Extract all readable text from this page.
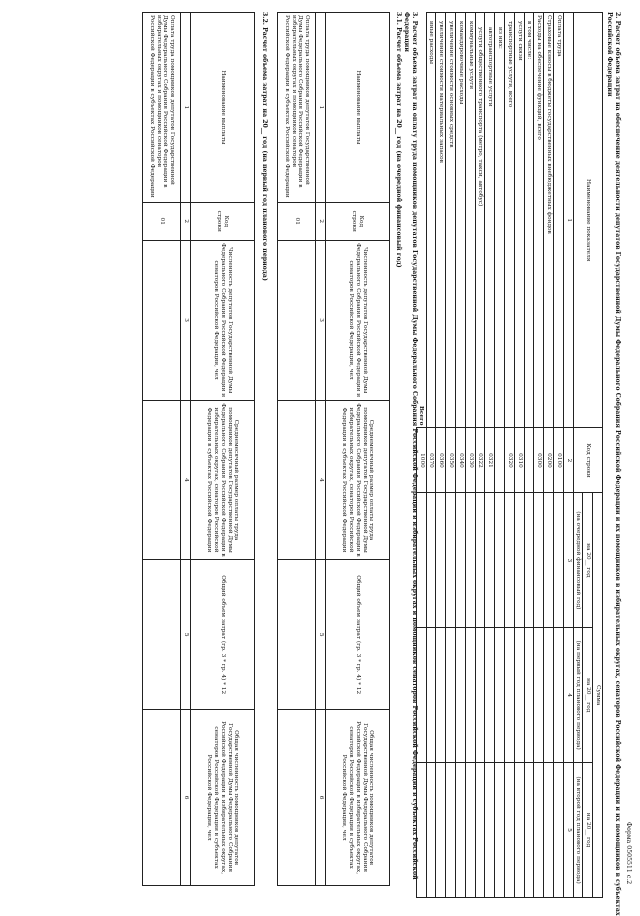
Форма 0505511 с.2
2. Расчет объема затрат на обеспечение деятельности депутатов Государственной Думы Федерального Собрания Российской Федерации и их помощников в избирательных округах, сенаторов Российской Федерации и их помощников в субъектах
Российской Федерации
Наименование показателя	Код строки	Сумма		
		на 20__ год	на 20__ год	на 20__ год
		(на очередной финансовый год)	(на первый год планового периода)	(на второй год планового периода)
1	2	3	4	5
Оплата труда	0100			
Страховые взносы в бюджеты государственных внебюджетных фондов	0200			
Расходы на обеспечение функций, всего	0300			
в том числе:				
услуги связи	0310			
транспортные услуги, всего	0320			
из них:				
автотранспортные услуги	0321			
услуги общественного транспорта (метро, такси, автобус)	0322			
коммунальные услуги	0330			
командировочные расходы	0340			
увеличение стоимости основных средств	0350			
увеличение стоимости материальных запасов	0360			
иные расходы	0370			
Всего	1000			
3. Расчет объема затрат на оплату труда помощников депутатов Государственной Думы Федерального Собрания Российской Федерации в избирательных округах и помощников сенаторов Российской Федерации в субъектах Российской
Федерации
3.1. Расчет объема затрат на 20__ год (на очередной финансовый год)
Наименование выплаты	Код строки	Численность депутатов Государственной Думы Федерального Собрания Российской Федерации и сенаторов Российской Федерации, чел	Среднемесячный размер оплаты труда помощников депутатов Государственной Думы Федерального Собрания Российской Федерации в избирательных округах, сенаторов Российской Федерации в субъектах Российской Федерации	Общий объем затрат (гр. 3 * гр. 4) * 12	Общая численность помощников депутатов Государственной Думы Федерального Собрания Российской Федерации в избирательных округах, сенаторов Российской Федерации в субъектах Российской Федерации, чел
1	2	3	4	5	6
Оплата труда помощников депутатов Государственной Думы Федерального Собрания Российской Федерации в избирательных округах и помощников сенаторов Российской Федерации в субъектах Российской Федерации	01				
3.2. Расчет объема затрат на 20__ год (на первый год планового периода)
Наименование выплаты	Код строки	Численность депутатов Государственной Думы Федерального Собрания Российской Федерации и сенаторов Российской Федерации, чел	Среднемесячный размер оплаты труда помощников депутатов Государственной Думы Федерального Собрания Российской Федерации в избирательных округах, сенаторов Российской Федерации в субъектах Российской Федерации	Общий объем затрат (гр. 3 * гр. 4) * 12	Общая численность помощников депутатов Государственной Думы Федерального Собрания Российской Федерации в избирательных округах, сенаторов Российской Федерации в субъектах Российской Федерации, чел
1	2	3	4	5	6
Оплата труда помощников депутатов Государственной Думы Федерального Собрания Российской Федерации в избирательных округах и помощников сенаторов Российской Федерации в субъектах Российской Федерации	01				
